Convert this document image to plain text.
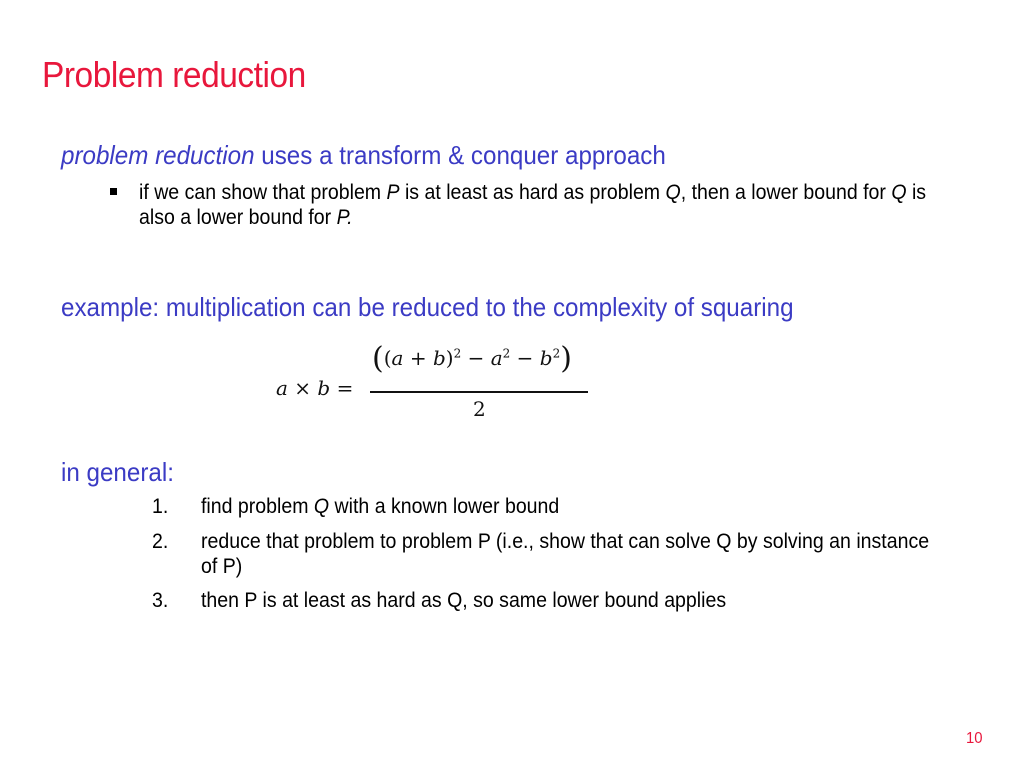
Problem reduction
problem reduction uses a transform & conquer approach
if we can show that problem P is at least as hard as problem Q, then a lower bound for Q is also a lower bound for P.
example: multiplication can be reduced to the complexity of squaring
a × b =
$((a + b)^2 - a^2 - b^2)$
2
in general:
1. find problem Q with a known lower bound
2. reduce that problem to problem P (i.e., show that can solve Q by solving an instance of P)
3. then P is at least as hard as Q, so same lower bound applies
10
